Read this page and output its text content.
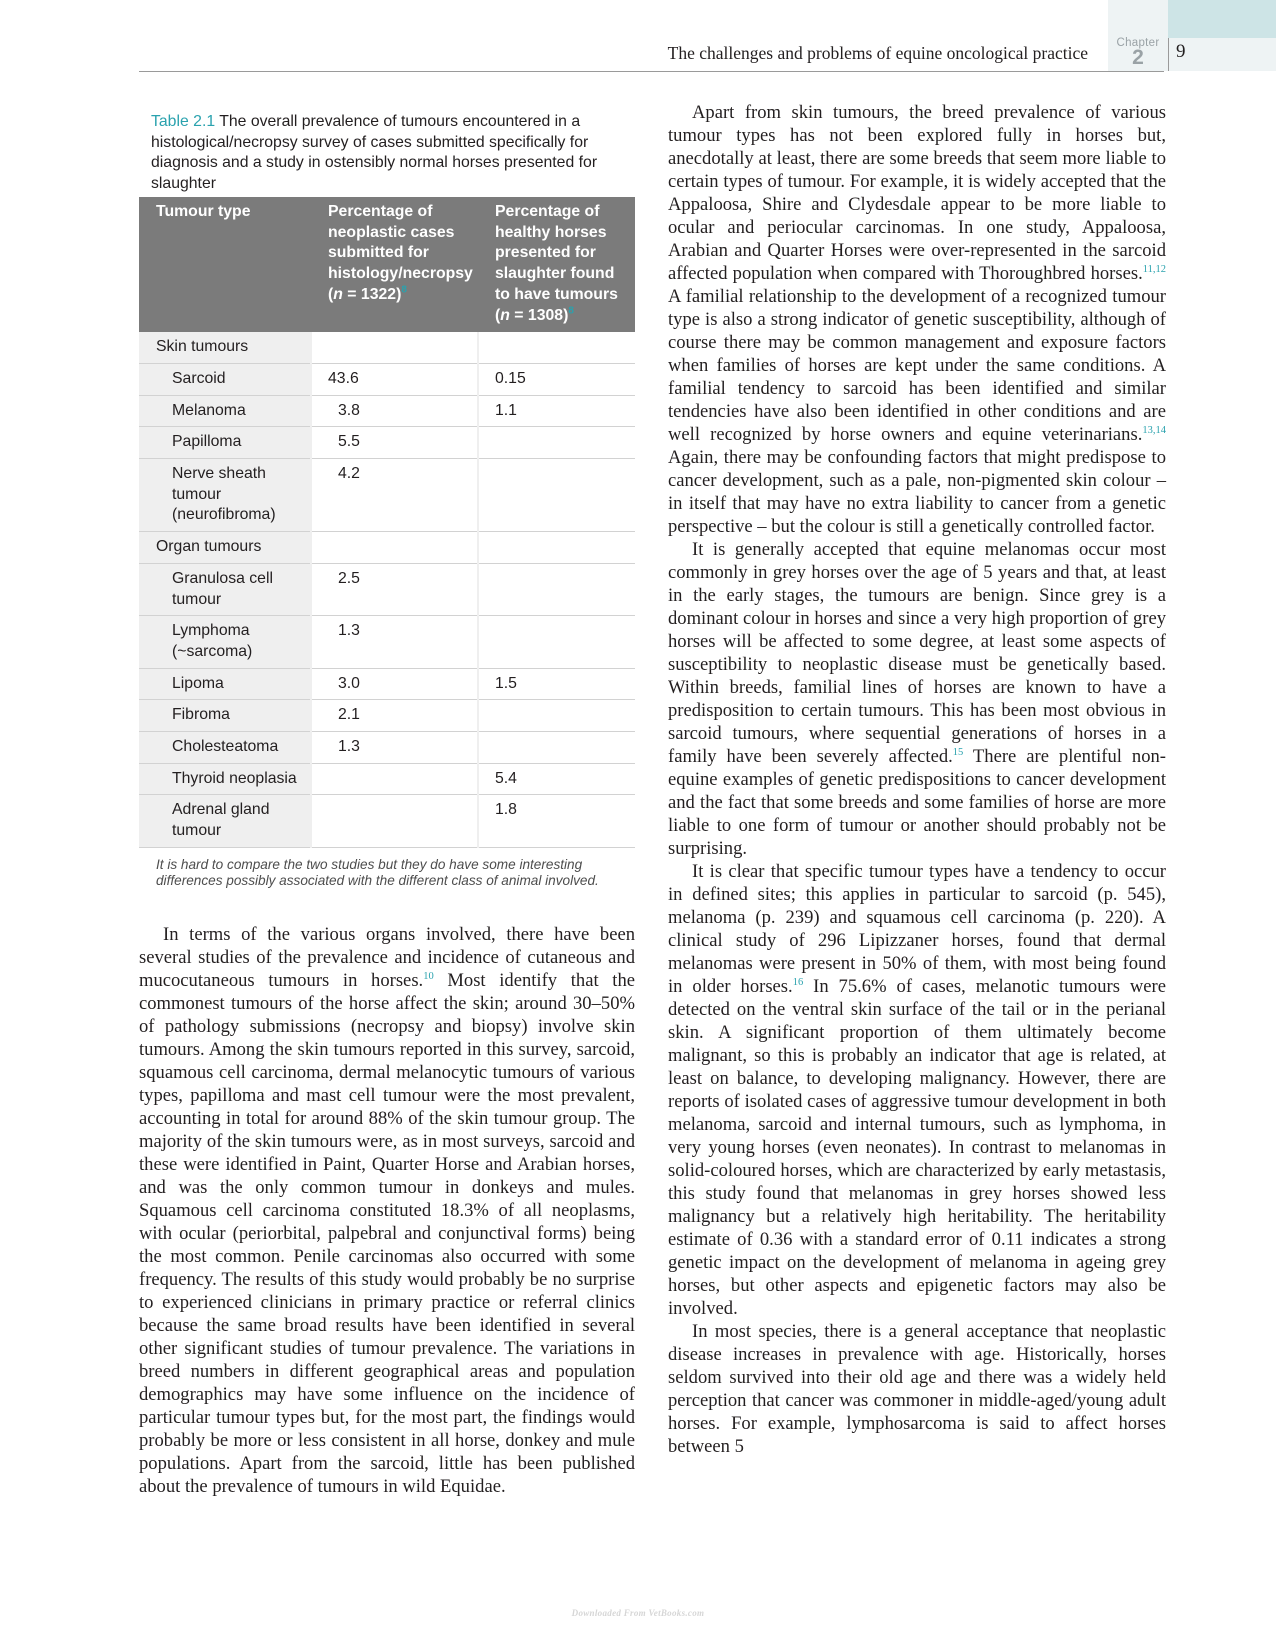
The challenges and problems of equine oncological practice	Chapter
2	9
Table 2.1 The overall prevalence of tumours encountered in a histological/necropsy survey of cases submitted specifically for diagnosis and a study in ostensibly normal horses presented for slaughter
Tumour type	Percentage of neoplastic cases submitted for histology/necropsy (n = 1322)$^8$	Percentage of healthy horses presented for slaughter found to have tumours (n = 1308)$^8$
Skin tumours		
Sarcoid	43.6	0.15
Melanoma	3.8	1.1
Papilloma	5.5	
Nerve sheath tumour (neurofibroma)	4.2	
Organ tumours		
Granulosa cell tumour	2.5	
Lymphoma (~sarcoma)	1.3	
Lipoma	3.0	1.5
Fibroma	2.1	
Cholesteatoma	1.3	
Thyroid neoplasia		5.4
Adrenal gland tumour		1.8
It is hard to compare the two studies but they do have some interesting differences possibly associated with the different class of animal involved.

In terms of the various organs involved, there have been several studies of the prevalence and incidence of cutaneous and mucocutaneous tumours in horses.$^{10}$ Most identify that the commonest tumours of the horse affect the skin; around 30–50% of pathology submissions (necropsy and biopsy) involve skin tumours. Among the skin tumours reported in this survey, sarcoid, squamous cell carcinoma, dermal melanocytic tumours of various types, papilloma and mast cell tumour were the most prevalent, accounting in total for around 88% of the skin tumour group. The majority of the skin tumours were, as in most surveys, sarcoid and these were identified in Paint, Quarter Horse and Arabian horses, and was the only common tumour in donkeys and mules. Squamous cell carcinoma constituted 18.3% of all neoplasms, with ocular (periorbital, palpebral and conjunctival forms) being the most common. Penile carcinomas also occurred with some frequency. The results of this study would probably be no surprise to experienced clinicians in primary practice or referral clinics because the same broad results have been identified in several other significant studies of tumour prevalence. The variations in breed numbers in different geographical areas and population demographics may have some influence on the incidence of particular tumour types but, for the most part, the findings would probably be more or less consistent in all horse, donkey and mule populations. Apart from the sarcoid, little has been published about the prevalence of tumours in wild Equidae.

Apart from skin tumours, the breed prevalence of various tumour types has not been explored fully in horses but, anecdotally at least, there are some breeds that seem more liable to certain types of tumour. For example, it is widely accepted that the Appaloosa, Shire and Clydesdale appear to be more liable to ocular and periocular carcinomas. In one study, Appaloosa, Arabian and Quarter Horses were over-represented in the sarcoid affected population when compared with Thoroughbred horses.$^{11,12}$ A familial relationship to the development of a recognized tumour type is also a strong indicator of genetic susceptibility, although of course there may be common management and exposure factors when families of horses are kept under the same conditions. A familial tendency to sarcoid has been identified and similar tendencies have also been identified in other conditions and are well recognized by horse owners and equine veterinarians.$^{13,14}$ Again, there may be confounding factors that might predispose to cancer development, such as a pale, non-pigmented skin colour – in itself that may have no extra liability to cancer from a genetic perspective – but the colour is still a genetically controlled factor.

It is generally accepted that equine melanomas occur most commonly in grey horses over the age of 5 years and that, at least in the early stages, the tumours are benign. Since grey is a dominant colour in horses and since a very high proportion of grey horses will be affected to some degree, at least some aspects of susceptibility to neoplastic disease must be genetically based. Within breeds, familial lines of horses are known to have a predisposition to certain tumours. This has been most obvious in sarcoid tumours, where sequential generations of horses in a family have been severely affected.$^{15}$ There are plentiful non-equine examples of genetic predispositions to cancer development and the fact that some breeds and some families of horse are more liable to one form of tumour or another should probably not be surprising.

It is clear that specific tumour types have a tendency to occur in defined sites; this applies in particular to sarcoid (p. 545), melanoma (p. 239) and squamous cell carcinoma (p. 220). A clinical study of 296 Lipizzaner horses, found that dermal melanomas were present in 50% of them, with most being found in older horses.$^{16}$ In 75.6% of cases, melanotic tumours were detected on the ventral skin surface of the tail or in the perianal skin. A significant proportion of them ultimately become malignant, so this is probably an indicator that age is related, at least on balance, to developing malignancy. However, there are reports of isolated cases of aggressive tumour development in both melanoma, sarcoid and internal tumours, such as lymphoma, in very young horses (even neonates). In contrast to melanomas in solid-coloured horses, which are characterized by early metastasis, this study found that melanomas in grey horses showed less malignancy but a relatively high heritability. The heritability estimate of 0.36 with a standard error of 0.11 indicates a strong genetic impact on the development of melanoma in ageing grey horses, but other aspects and epigenetic factors may also be involved.

In most species, there is a general acceptance that neoplastic disease increases in prevalence with age. Historically, horses seldom survived into their old age and there was a widely held perception that cancer was commoner in middle-aged/young adult horses. For example, lymphosarcoma is said to affect horses between 5

Downloaded From VetBooks.com
